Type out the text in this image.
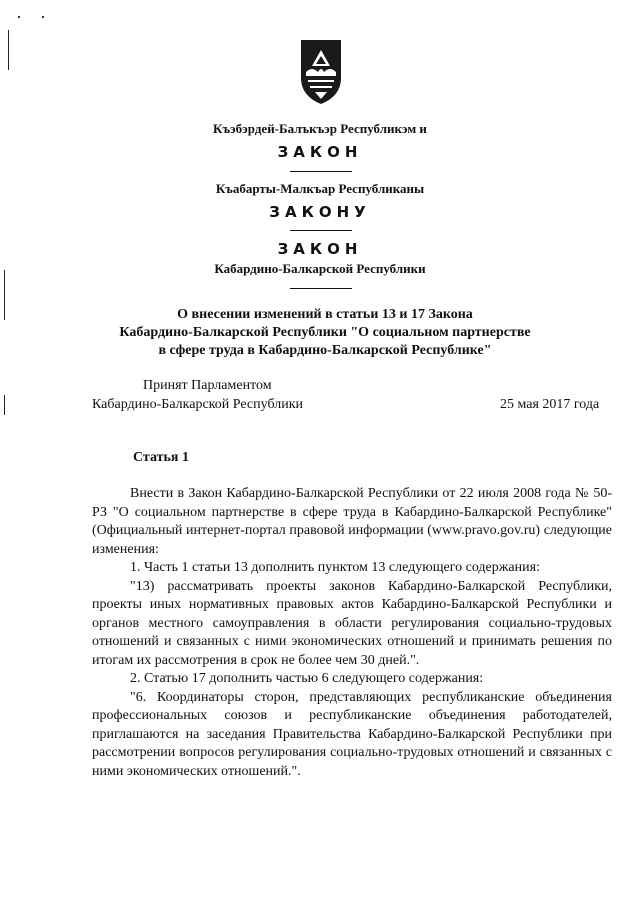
Къэбэрдей-Балъкъэр Республикэм и
ЗАКОН
Къабарты-Малкъар Республиканы
ЗАКОНУ
ЗАКОН
Кабардино-Балкарской Республики
О внесении изменений в статьи 13 и 17 Закона
Кабардино-Балкарской Республики "О социальном партнерстве
в сфере труда в Кабардино-Балкарской Республике"
Принят Парламентом
Кабардино-Балкарской Республики	25 мая 2017 года
Статья 1

Внести в Закон Кабардино-Балкарской Республики от 22 июля 2008 года № 50-РЗ "О социальном партнерстве в сфере труда в Кабардино-Балкарской Республике" (Официальный интернет-портал правовой информации (www.pravo.gov.ru) следующие изменения:

1. Часть 1 статьи 13 дополнить пунктом 13 следующего содержания:

"13) рассматривать проекты законов Кабардино-Балкарской Республики, проекты иных нормативных правовых актов Кабардино-Балкарской Республики и органов местного самоуправления в области регулирования социально-трудовых отношений и связанных с ними экономических отношений и принимать решения по итогам их рассмотрения в срок не более чем 30 дней.".

2. Статью 17 дополнить частью 6 следующего содержания:

"6. Координаторы сторон, представляющих республиканские объединения профессиональных союзов и республиканские объединения работодателей, приглашаются на заседания Правительства Кабардино-Балкарской Республики при рассмотрении вопросов регулирования социально-трудовых отношений и связанных с ними экономических отношений.".
